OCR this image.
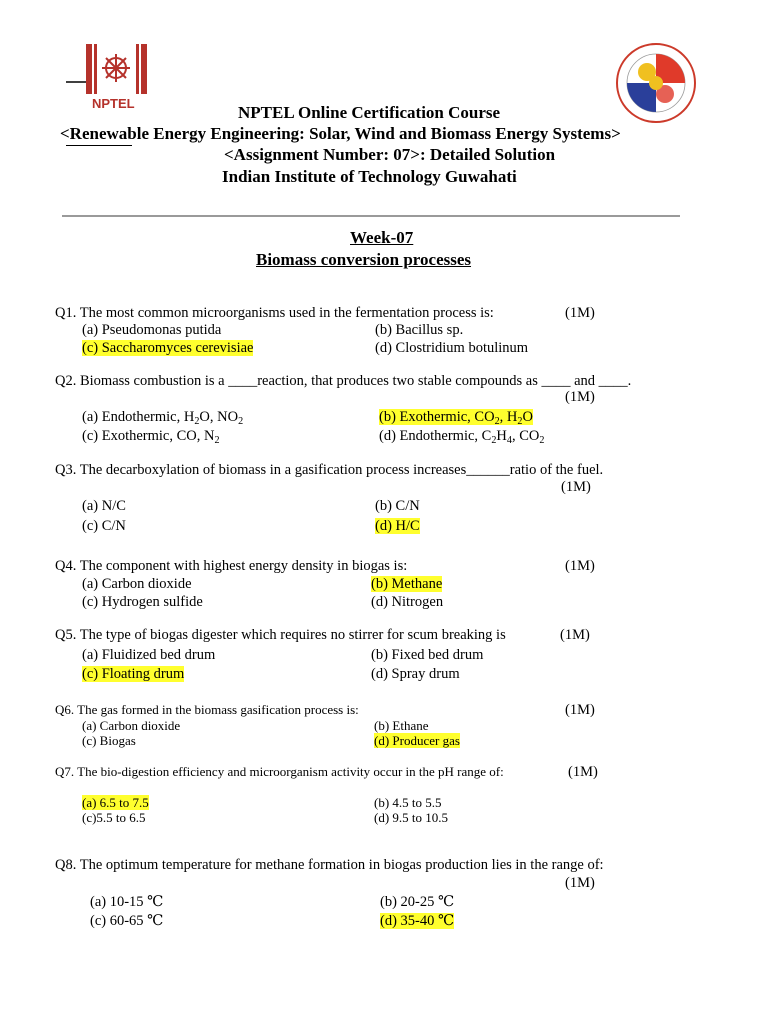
NPTEL	NPTEL Online Certification Course
<Renewable Energy Engineering: Solar, Wind and Biomass Energy Systems>
<Assignment Number: 07>: Detailed Solution
Indian Institute of Technology Guwahati
Week-07
Biomass conversion processes
Q1. The most common microorganisms used in the fermentation process is:	(1M)
(a) Pseudomonas putida	(b) Bacillus sp.
(c) Saccharomyces cerevisiae	(d) Clostridium botulinum
Q2. Biomass combustion is a ____reaction, that produces two stable compounds as ____ and ____.
(1M)
(a) Endothermic, $H_2O$, $NO_2$	(b) Exothermic, $CO_2$, $H_2O$
(c) Exothermic, CO, $N_2$	(d) Endothermic, $C_2H_4$, $CO_2$
Q3. The decarboxylation of biomass in a gasification process increases______ratio of the fuel.
(1M)
(a) N/C	(b) C/N
(c) C/N	(d) H/C
Q4. The component with highest energy density in biogas is:	(1M)
(a) Carbon dioxide	(b) Methane
(c) Hydrogen sulfide	(d) Nitrogen
Q5. The type of biogas digester which requires no stirrer for scum breaking is	(1M)
(a) Fluidized bed drum	(b) Fixed bed drum
(c) Floating drum	(d) Spray drum
Q6. The gas formed in the biomass gasification process is:	(1M)
(a) Carbon dioxide	(b) Ethane
(c) Biogas	(d) Producer gas
Q7. The bio-digestion efficiency and microorganism activity occur in the pH range of:	(1M)
(a) 6.5 to 7.5	(b) 4.5 to 5.5
(c)5.5 to 6.5	(d) 9.5 to 10.5
Q8. The optimum temperature for methane formation in biogas production lies in the range of:
(1M)
(a) 10-15 ℃	(b) 20-25 ℃
(c) 60-65 ℃	(d) 35-40 ℃
